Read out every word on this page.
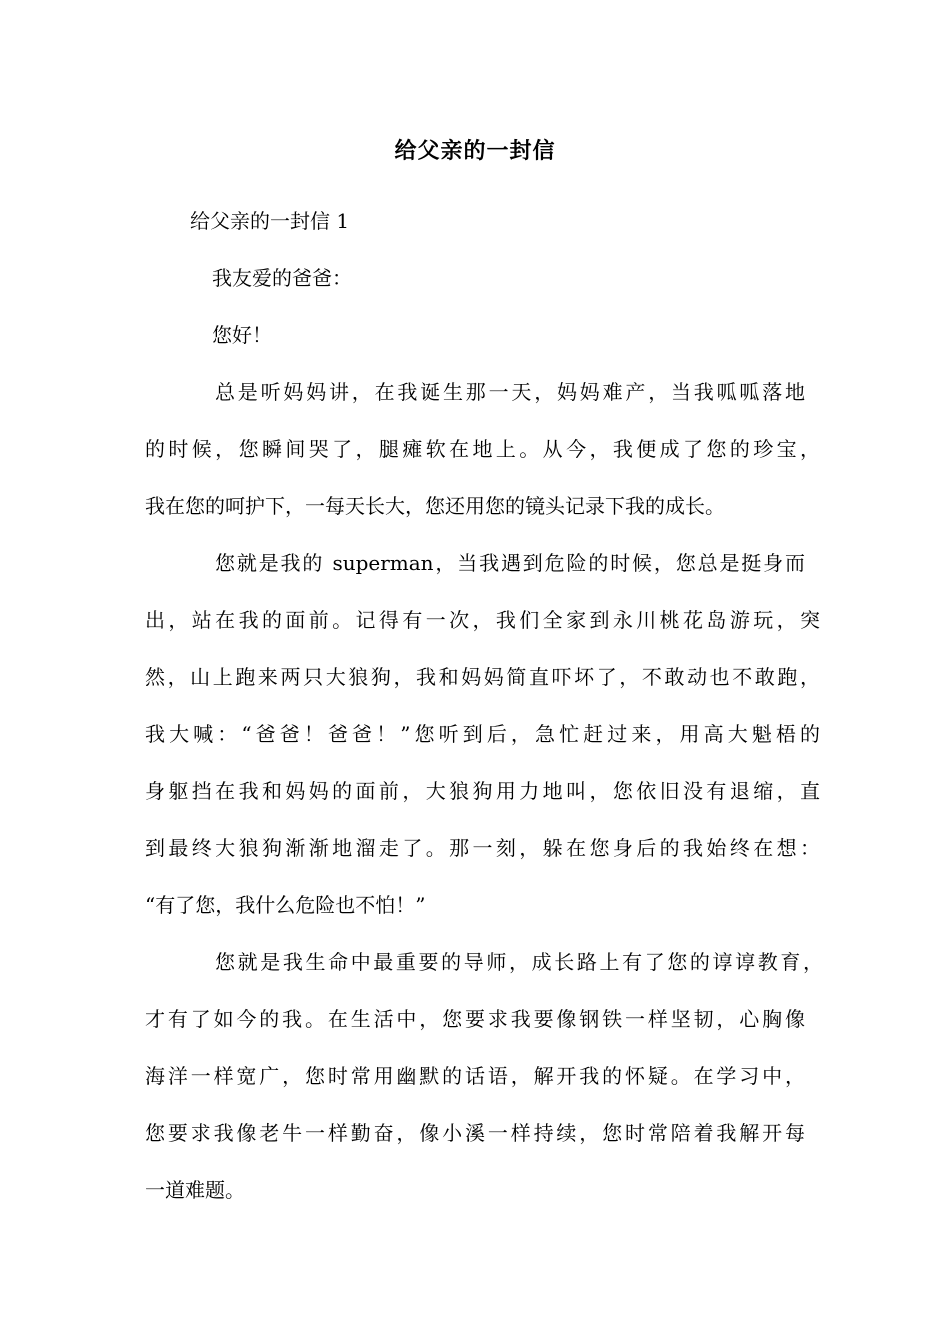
给父亲的一封信
给父亲的一封信 1
我友爱的爸爸：
您好！
总是听妈妈讲，在我诞生那一天，妈妈难产，当我呱呱落地
的时候，您瞬间哭了，腿瘫软在地上。从今，我便成了您的珍宝，
我在您的呵护下，一每天长大，您还用您的镜头记录下我的成长。
您就是我的 superman，当我遇到危险的时候，您总是挺身而
出，站在我的面前。记得有一次，我们全家到永川桃花岛游玩，突
然，山上跑来两只大狼狗，我和妈妈简直吓坏了，不敢动也不敢跑，
我大喊：“爸爸！爸爸！”您听到后，急忙赶过来，用高大魁梧的
身躯挡在我和妈妈的面前，大狼狗用力地叫，您依旧没有退缩，直
到最终大狼狗渐渐地溜走了。那一刻，躲在您身后的我始终在想：
“有了您，我什么危险也不怕！”
您就是我生命中最重要的导师，成长路上有了您的谆谆教育，
才有了如今的我。在生活中，您要求我要像钢铁一样坚韧，心胸像
海洋一样宽广，您时常用幽默的话语，解开我的怀疑。在学习中，
您要求我像老牛一样勤奋，像小溪一样持续，您时常陪着我解开每
一道难题。
